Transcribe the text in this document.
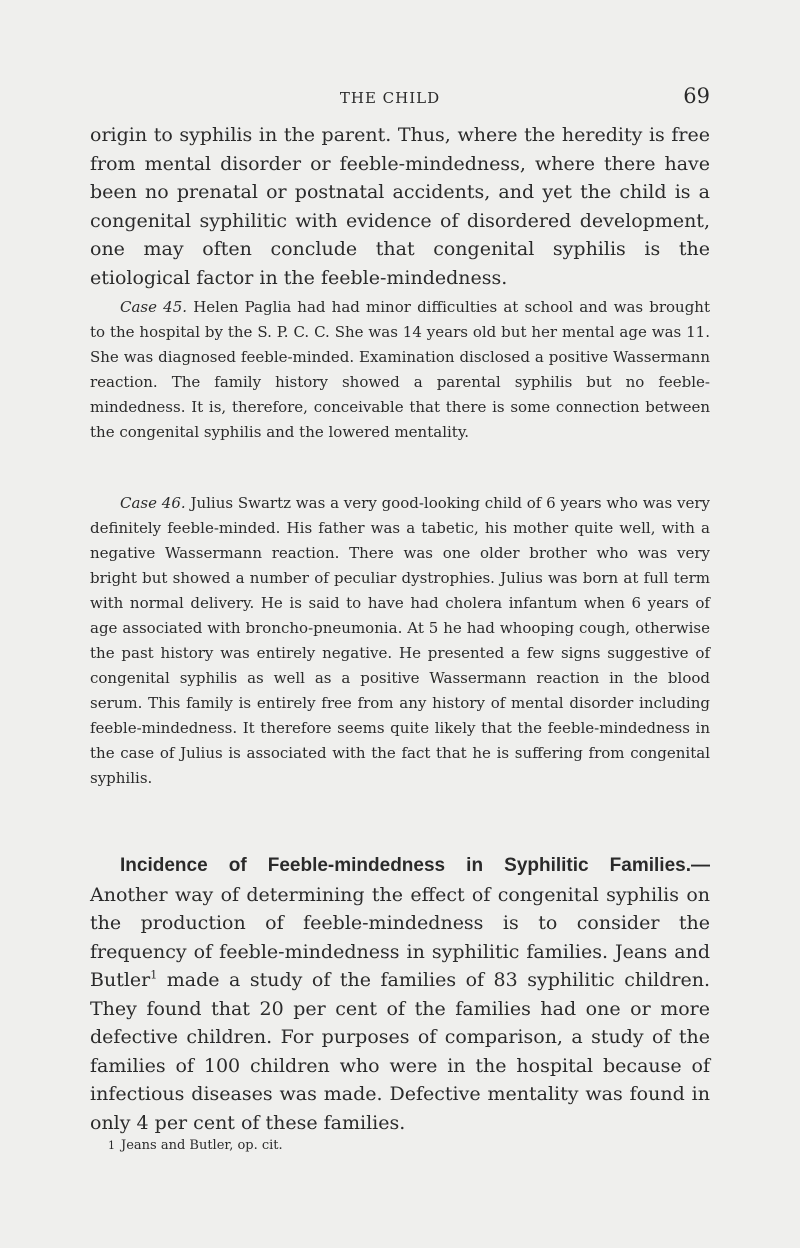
THE CHILD	69

origin to syphilis in the parent. Thus, where the heredity is free from mental disorder or feeble-mindedness, where there have been no prenatal or postnatal accidents, and yet the child is a congenital syphilitic with evidence of disordered development, one may often conclude that congenital syphilis is the etiological factor in the feeble-mindedness.

Case 45. Helen Paglia had had minor difficulties at school and was brought to the hospital by the S. P. C. C. She was 14 years old but her mental age was 11. She was diagnosed feeble-minded. Examination disclosed a positive Wassermann reaction. The family history showed a parental syphilis but no feeble-mindedness. It is, therefore, conceivable that there is some connection between the congenital syphilis and the lowered mentality.

Case 46. Julius Swartz was a very good-looking child of 6 years who was very definitely feeble-minded. His father was a tabetic, his mother quite well, with a negative Wassermann reaction. There was one older brother who was very bright but showed a number of peculiar dystrophies. Julius was born at full term with normal delivery. He is said to have had cholera infantum when 6 years of age associated with broncho-pneumonia. At 5 he had whooping cough, otherwise the past history was entirely negative. He presented a few signs suggestive of congenital syphilis as well as a positive Wassermann reaction in the blood serum. This family is entirely free from any history of mental disorder including feeble-mindedness. It therefore seems quite likely that the feeble-mindedness in the case of Julius is associated with the fact that he is suffering from congenital syphilis.

Incidence of Feeble-mindedness in Syphilitic Families.— Another way of determining the effect of congenital syphilis on the production of feeble-mindedness is to consider the frequency of feeble-mindedness in syphilitic families. Jeans and Butler$^1$ made a study of the families of 83 syphilitic children. They found that 20 per cent of the families had one or more defective children. For purposes of comparison, a study of the families of 100 children who were in the hospital because of infectious diseases was made. Defective mentality was found in only 4 per cent of these families.

1 Jeans and Butler, op. cit.
